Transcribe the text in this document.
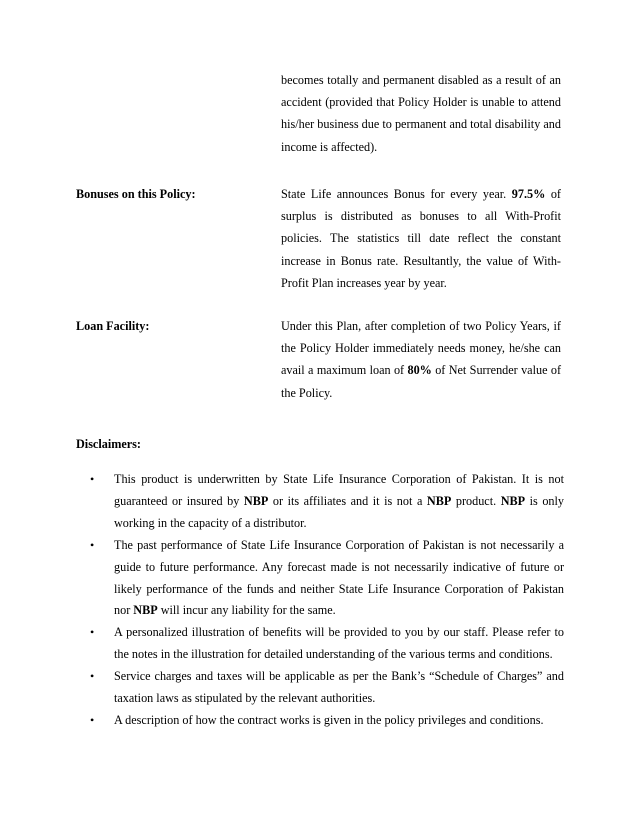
becomes totally and permanent disabled as a result of an accident (provided that Policy Holder is unable to attend his/her business due to permanent and total disability and income is affected).

Bonuses on this Policy:	State Life announces Bonus for every year. 97.5% of surplus is distributed as bonuses to all With-Profit policies. The statistics till date reflect the constant increase in Bonus rate. Resultantly, the value of With-Profit Plan increases year by year.

Loan Facility:	Under this Plan, after completion of two Policy Years, if the Policy Holder immediately needs money, he/she can avail a maximum loan of 80% of Net Surrender value of the Policy.

Disclaimers:
• This product is underwritten by State Life Insurance Corporation of Pakistan. It is not guaranteed or insured by NBP or its affiliates and it is not a NBP product. NBP is only working in the capacity of a distributor.
• The past performance of State Life Insurance Corporation of Pakistan is not necessarily a guide to future performance. Any forecast made is not necessarily indicative of future or likely performance of the funds and neither State Life Insurance Corporation of Pakistan nor NBP will incur any liability for the same.
• A personalized illustration of benefits will be provided to you by our staff. Please refer to the notes in the illustration for detailed understanding of the various terms and conditions.
• Service charges and taxes will be applicable as per the Bank’s “Schedule of Charges” and taxation laws as stipulated by the relevant authorities.
• A description of how the contract works is given in the policy privileges and conditions.
